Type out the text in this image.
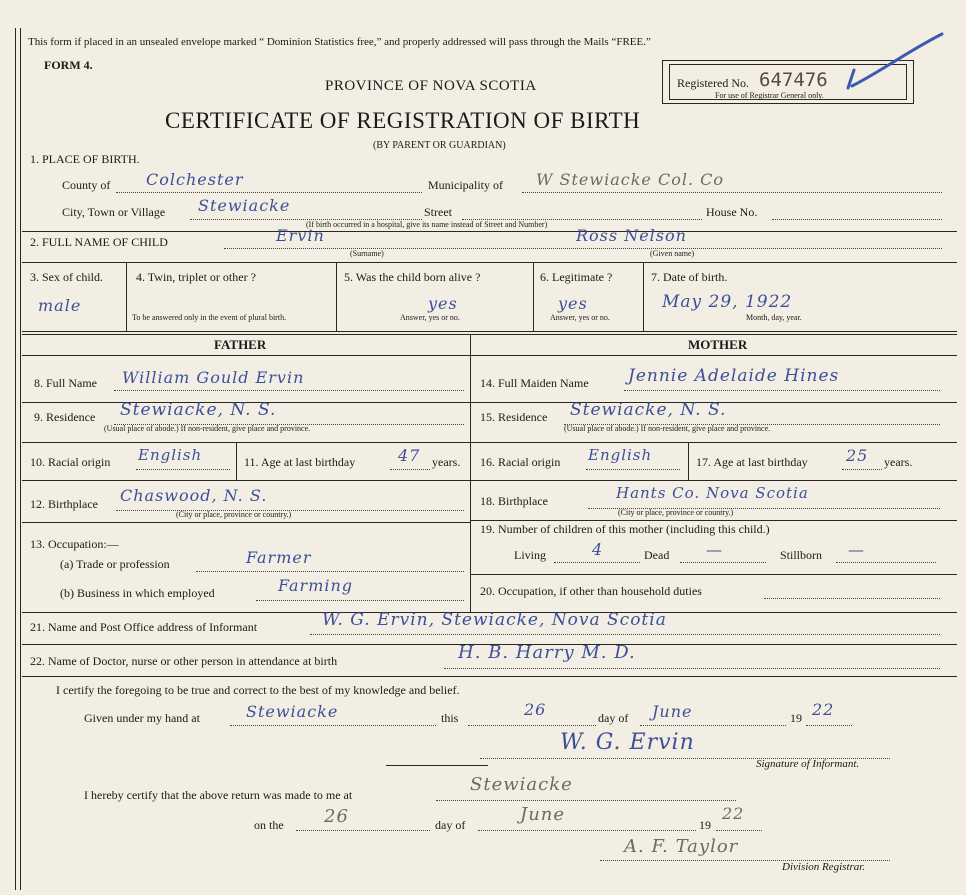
This form if placed in an unsealed envelope marked “ Dominion Statistics free,” and properly addressed will pass through the Mails “FREE.”
FORM 4.
PROVINCE OF NOVA SCOTIA
CERTIFICATE OF REGISTRATION OF BIRTH
(BY PARENT OR GUARDIAN)
Registered No. 647476
For use of Registrar General only.
1. PLACE OF BIRTH.
County of Colchester	Municipality of W Stewiacke Col. Co
City, Town or Village Stewiacke	Street	House No.
(If birth occurred in a hospital, give its name instead of Street and Number)
2. FULL NAME OF CHILD	Ervin
(Surname)
Ross Nelson
(Given name)
3. Sex of child.
male
4. Twin, triplet or other ?
To be answered only in the event of plural birth.
5. Was the child born alive ?
yes
Answer, yes or no.
6. Legitimate ?
yes
Answer, yes or no.
7. Date of birth.
May 29, 1922
Month, day, year.
FATHER	MOTHER
8. Full Name William Gould Ervin
9. Residence Stewiacke, N. S.
(Usual place of abode.) If non-resident, give place and province.
10. Racial origin English	11. Age at last birthday	47 years.
12. Birthplace Chaswood, N. S.
(City or place, province or country.)
13. Occupation:—
(a) Trade or profession	Farmer
(b) Business in which employed	Farming
14. Full Maiden Name Jennie Adelaide Hines
15. Residence Stewiacke, N. S.
(Usual place of abode.) If non-resident, give place and province.
16. Racial origin English	17. Age at last birthday 25 years.
18. Birthplace	Hants Co. Nova Scotia
(City or place, province or country.)
19. Number of children of this mother (including this child.)
Living	4	Dead —	Stillborn —
20. Occupation, if other than household duties
21. Name and Post Office address of Informant	W. G. Ervin, Stewiacke, Nova Scotia
22. Name of Doctor, nurse or other person in attendance at birth	H. B. Harry M. D.
I certify the foregoing to be true and correct to the best of my knowledge and belief.
Given under my hand at	Stewiacke	this	26	day of June	19 22
W. G. Ervin
Signature of Informant.
I hereby certify that the above return was made to me at	Stewiacke
on the 26	day of	June	19
22
A. F. Taylor
Division Registrar.
